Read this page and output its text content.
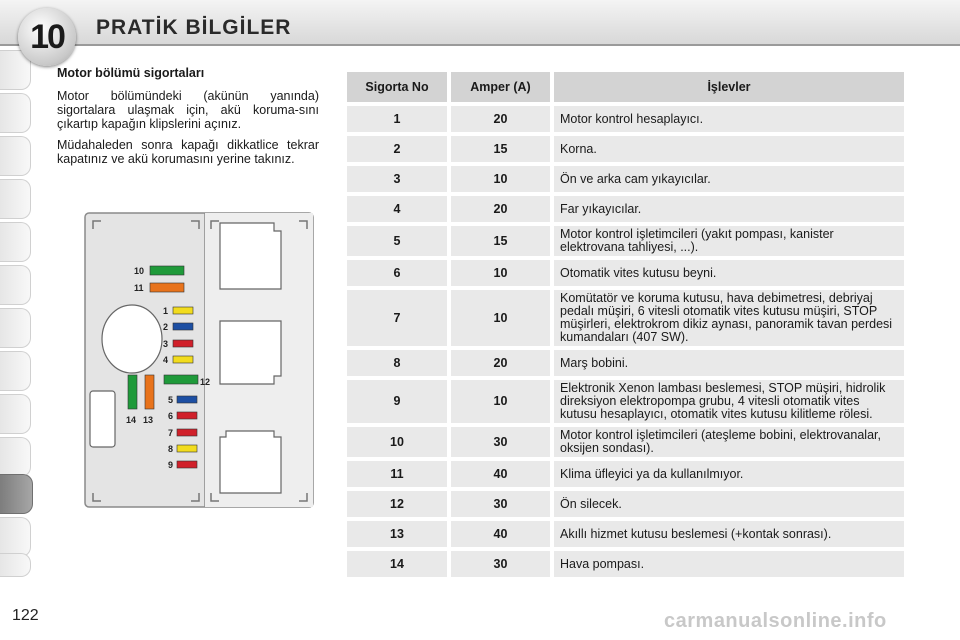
10	PRATİK BİLGİLER
Motor bölümü sigortaları

Motor bölümündeki (akünün yanında) sigortalara ulaşmak için, akü koruma-sını çıkartıp kapağın klipslerini açınız.

Müdahaleden sonra kapağı dikkatlice tekrar kapatınız ve akü korumasını yerine takınız.

10
11
1
2
3
4
12
14 13
5
6
7
8
9
Sigorta No	Amper (A)	İşlevler
1	20	Motor kontrol hesaplayıcı.
2	15	Korna.
3	10	Ön ve arka cam yıkayıcılar.
4	20	Far yıkayıcılar.
5	15	Motor kontrol işletimcileri (yakıt pompası, kanister elektrovana tahliyesi, ...).
6	10	Otomatik vites kutusu beyni.
7	10	Komütatör ve koruma kutusu, hava debimetresi, debriyaj pedalı müşiri, 6 vitesli otomatik vites kutusu müşiri, STOP müşirleri, elektrokrom dikiz aynası, panoramik tavan perdesi kumandaları (407 SW).
8	20	Marş bobini.
9	10	Elektronik Xenon lambası beslemesi, STOP müşiri, hidrolik direksiyon elektropompa grubu, 4 vitesli otomatik vites kutusu hesaplayıcı, otomatik vites kutusu kilitleme rölesi.
10	30	Motor kontrol işletimcileri (ateşleme bobini, elektrovanalar, oksijen sondası).
11	40	Klima üfleyici ya da kullanılmıyor.
12	30	Ön silecek.
13	40	Akıllı hizmet kutusu beslemesi (+kontak sonrası).
14	30	Hava pompası.
122	carmanualsonline.info
